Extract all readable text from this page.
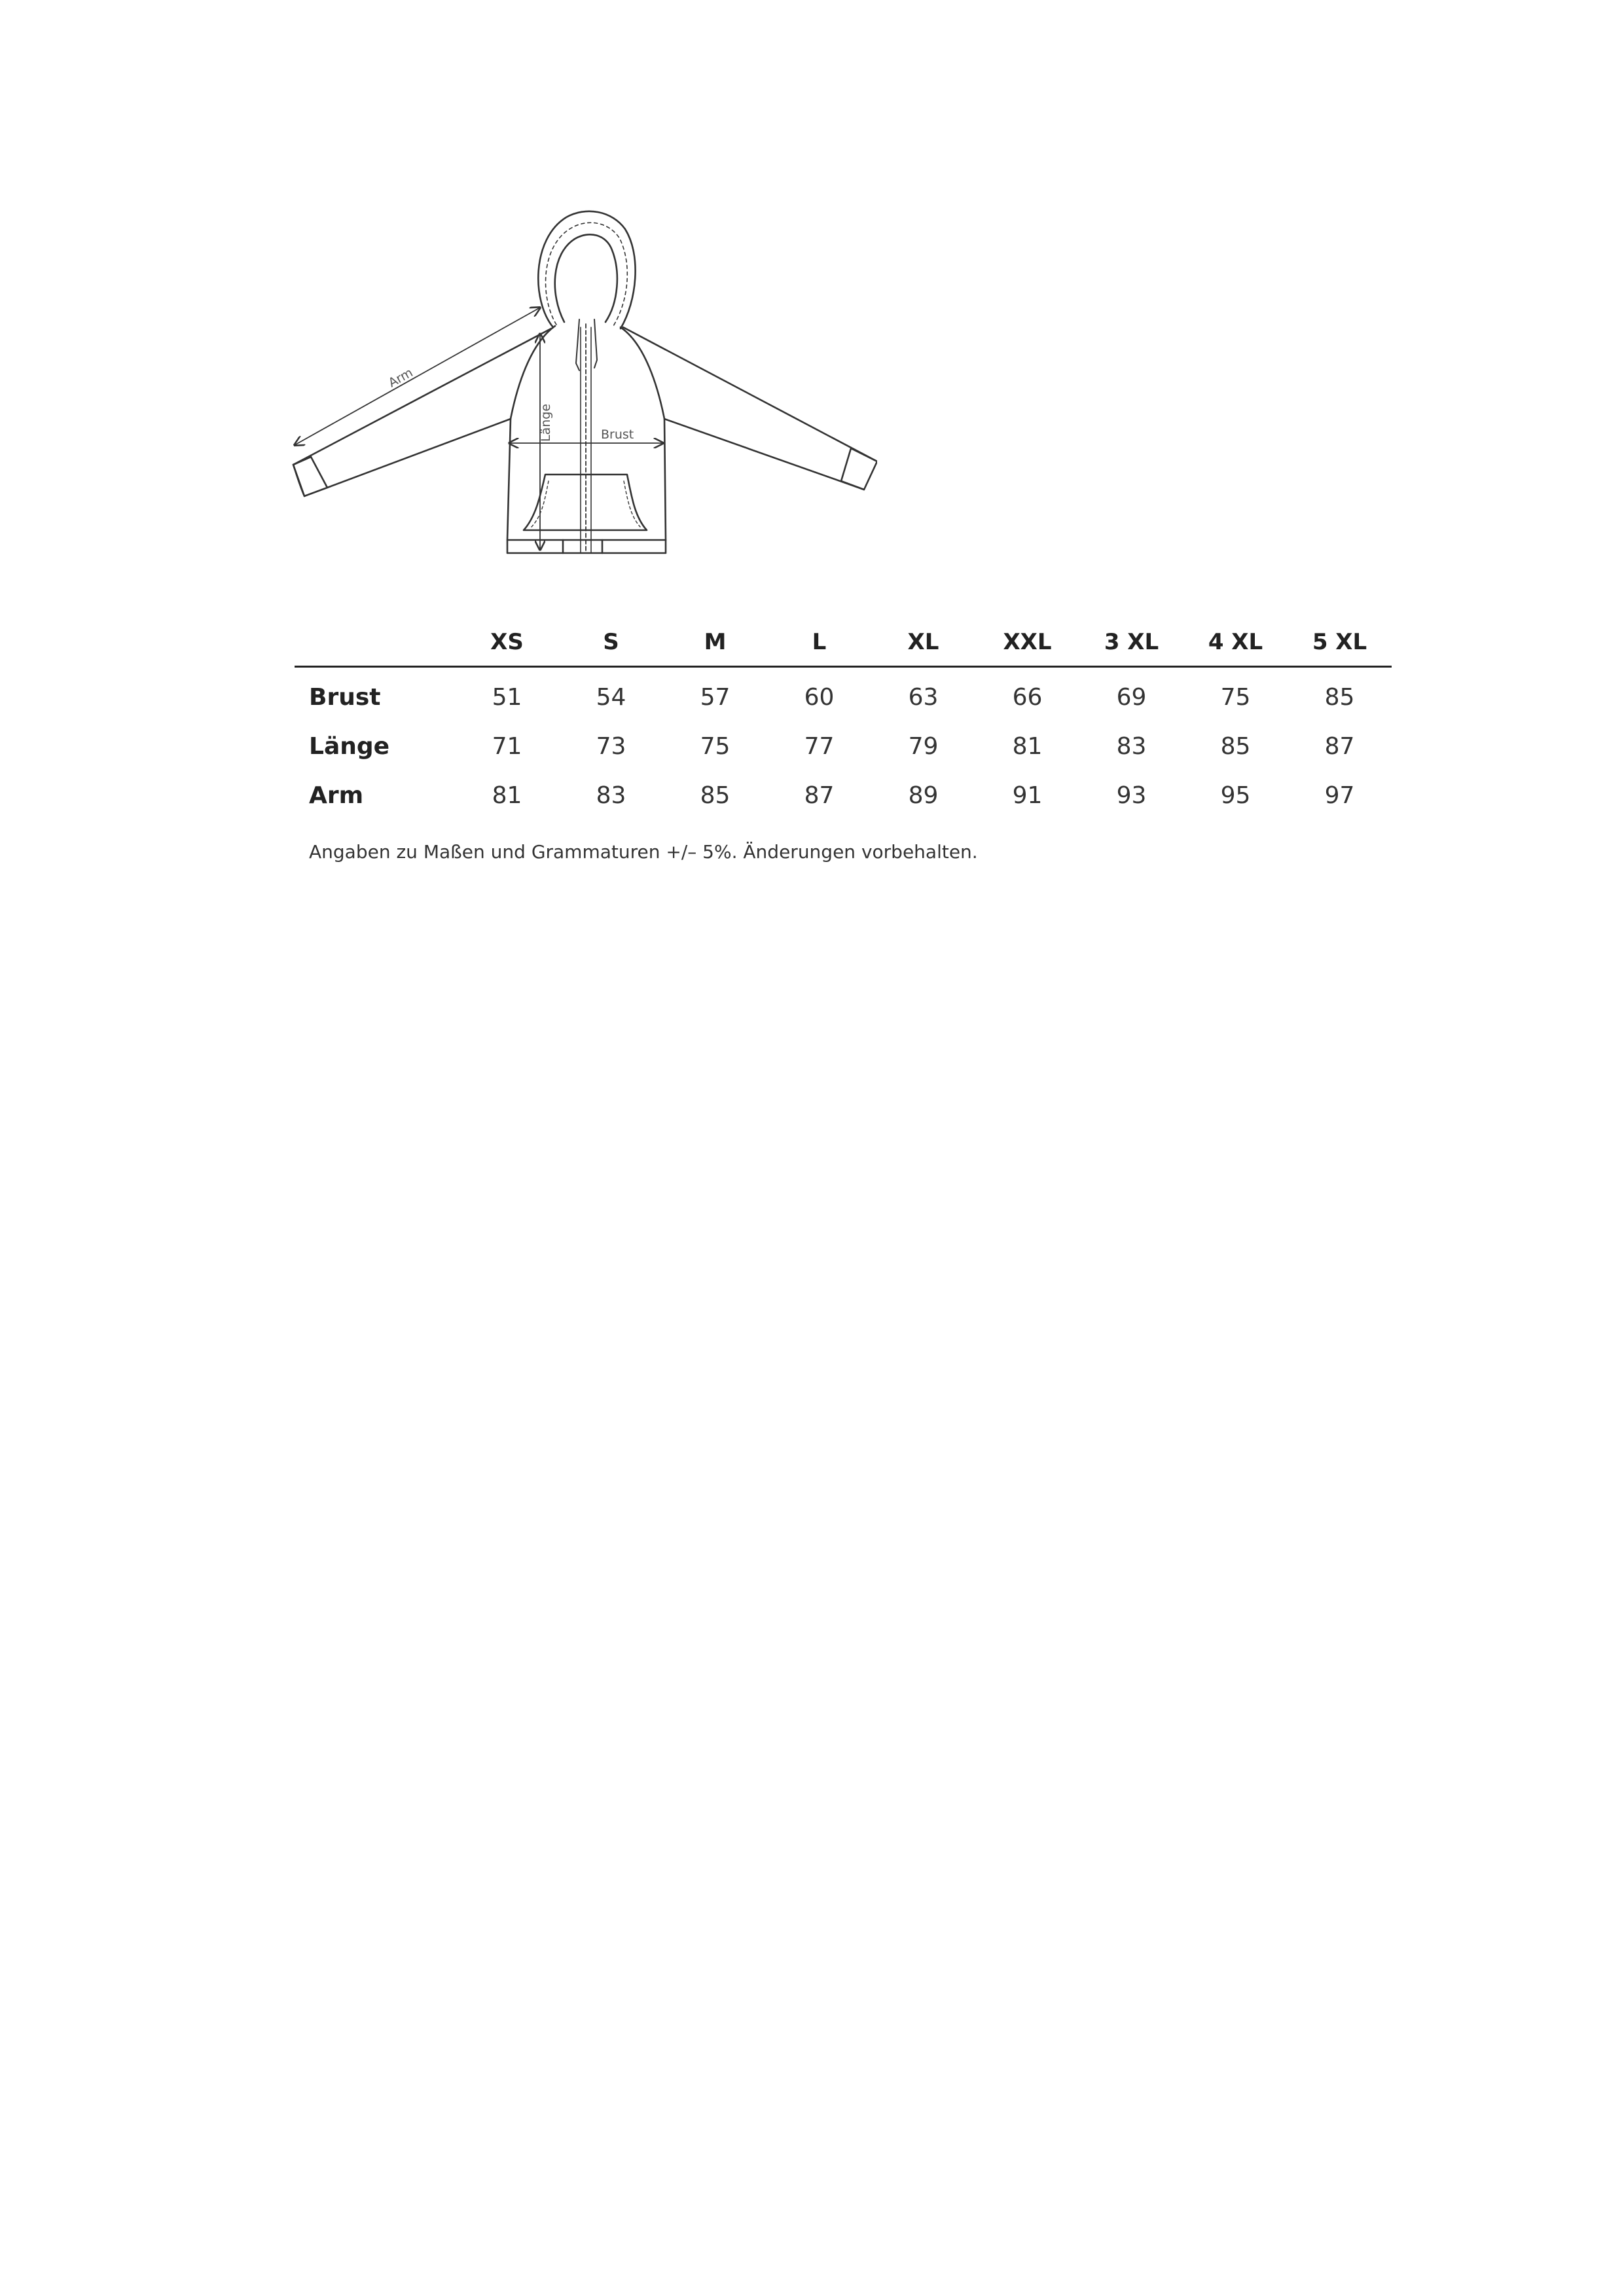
Arm
Länge	Brust
	XS	S	M	L	XL	XXL	3 XL	4 XL	5 XL
Brust	51	54	57	60	63	66	69	75	85
Länge	71	73	75	77	79	81	83	85	87
Arm	81	83	85	87	89	91	93	95	97
Angaben zu Maßen und Grammaturen +/– 5%. Änderungen vorbehalten.
